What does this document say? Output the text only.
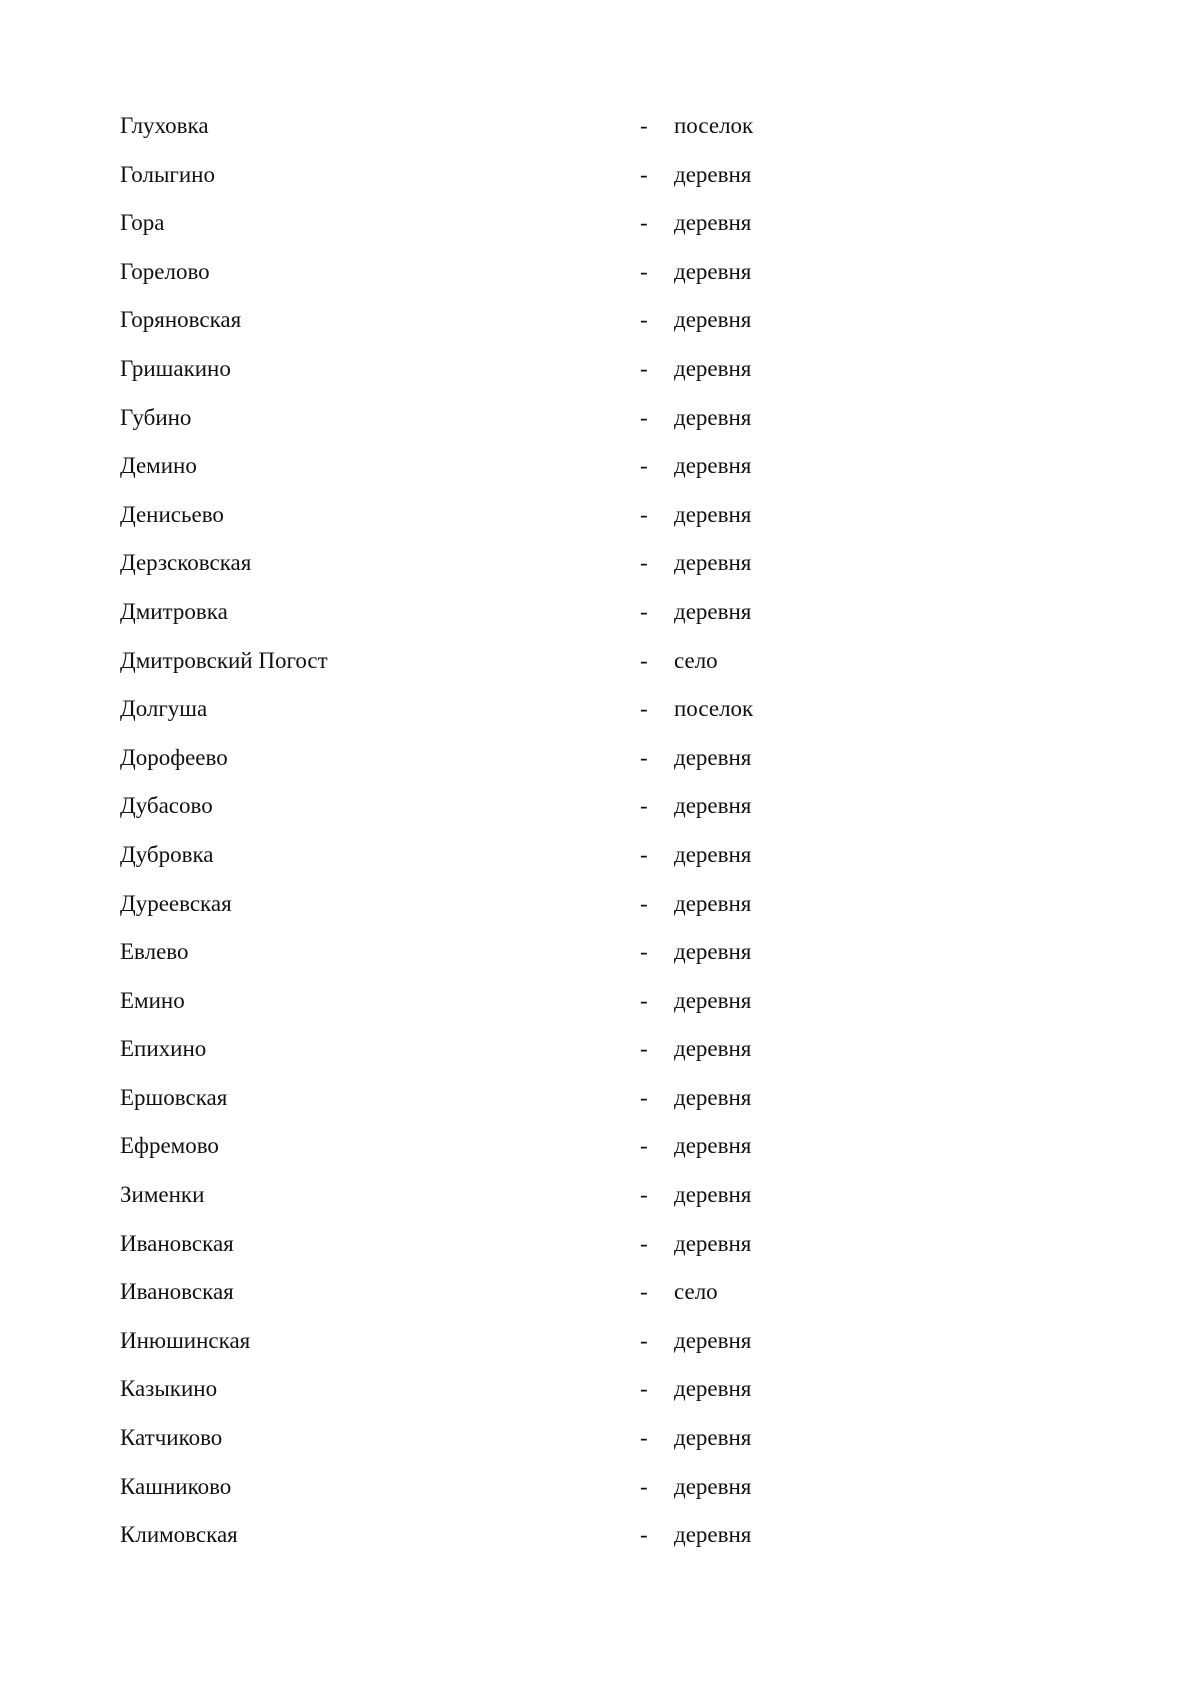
Глуховка	- поселок
Голыгино	- деревня
Гора	- деревня
Горелово	- деревня
Горяновская	- деревня
Гришакино	- деревня
Губино	- деревня
Демино	- деревня
Денисьево	- деревня
Дерзсковская	- деревня
Дмитровка	- деревня
Дмитровский Погост	- село
Долгуша	- поселок
Дорофеево	- деревня
Дубасово	- деревня
Дубровка	- деревня
Дуреевская	- деревня
Евлево	- деревня
Емино	- деревня
Епихино	- деревня
Ершовская	- деревня
Ефремово	- деревня
Зименки	- деревня
Ивановская	- деревня
Ивановская	- село
Инюшинская	- деревня
Казыкино	- деревня
Катчиково	- деревня
Кашниково	- деревня
Климовская	- деревня
